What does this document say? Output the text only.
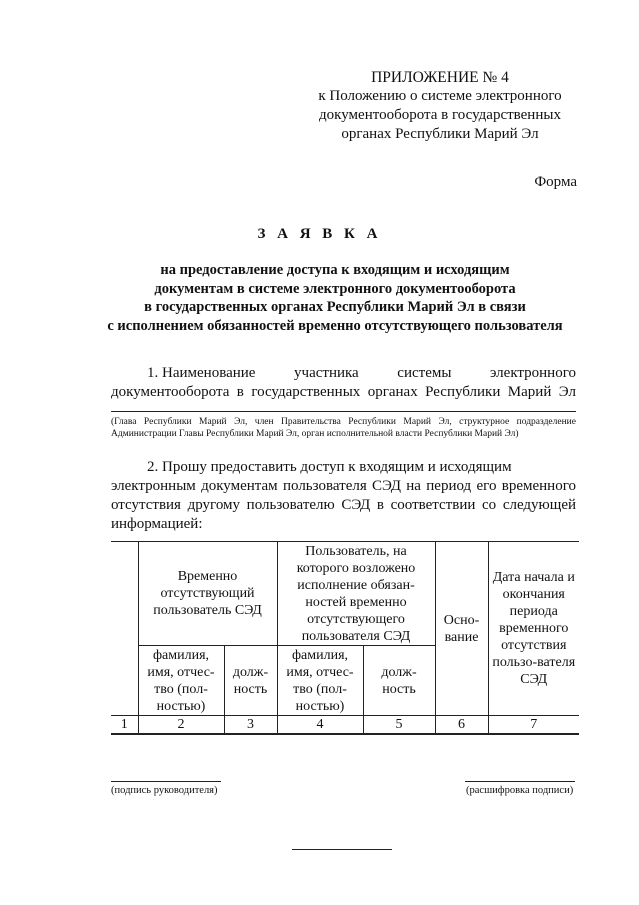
ПРИЛОЖЕНИЕ № 4
к Положению о системе электронного
документооборота в государственных
органах Республики Марий Эл
Форма
З А Я В К А
на предоставление доступа к входящим и исходящим
документам в системе электронного документооборота
в государственных органах Республики Марий Эл в связи
с исполнением обязанностей временно отсутствующего пользователя
1. Наименование	участника	системы	электронного
документооборота в государственных органах Республики Марий Эл
(Глава Республики Марий Эл, член Правительства Республики Марий Эл, структурное подразделение Администрации Главы Республики Марий Эл, орган исполнительной власти Республики Марий Эл)
2. Прошу предоставить доступ к входящим и исходящим
электронным документам пользователя СЭД на период его временного отсутствия другому пользователю СЭД в соответствии со следующей информацией:
	Временно отсутствующий пользователь СЭД		Пользователь, на которого возложено исполнение обязан-ностей временно отсутствующего пользователя СЭД		Осно-вание	Дата начала и окончания периода временного отсутствия пользо-вателя СЭД
	фамилия, имя, отчес-тво (пол-ностью)	долж-ность	фамилия, имя, отчес-тво (пол-ностью)	долж-ность		
1	2	3	4	5	6	7
(подпись руководителя)	(расшифровка подписи)
